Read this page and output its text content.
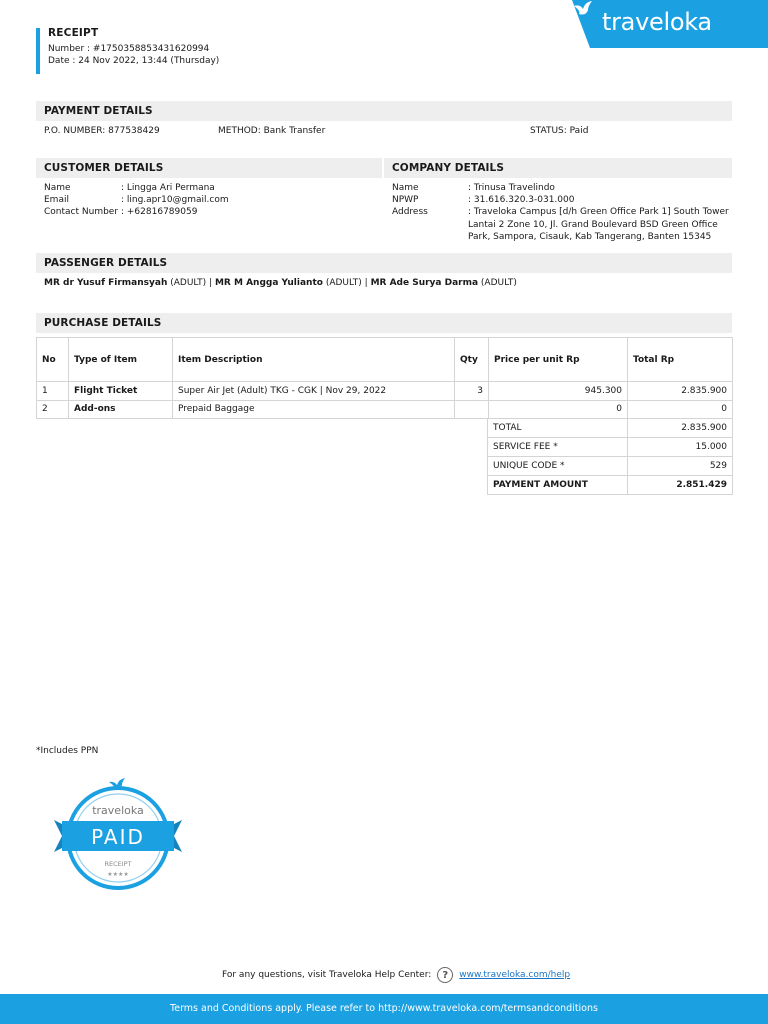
RECEIPT
Number : #1750358853431620994
Date : 24 Nov 2022, 13:44 (Thursday)
traveloka
PAYMENT DETAILS
P.O. NUMBER: 877538429	METHOD: Bank Transfer	STATUS: Paid
CUSTOMER DETAILS
Name	: Lingga Ari Permana
Email	: ling.apr10@gmail.com
Contact Number : +62816789059
COMPANY DETAILS
Name	: Trinusa Travelindo
NPWP	: 31.616.320.3-031.000
Address	: Traveloka Campus [d/h Green Office Park 1] South Tower Lantai 2 Zone 10, Jl. Grand Boulevard BSD Green Office Park, Sampora, Cisauk, Kab Tangerang, Banten 15345
PASSENGER DETAILS
MR dr Yusuf Firmansyah (ADULT) | MR M Angga Yulianto (ADULT) | MR Ade Surya Darma (ADULT)
PURCHASE DETAILS
No	Type of Item	Item Description	Qty	Price per unit Rp	Total Rp
1	Flight Ticket	Super Air Jet (Adult) TKG - CGK | Nov 29, 2022	3	945.300	2.835.900
2	Add-ons	Prepaid Baggage		0	0
TOTAL	2.835.900
SERVICE FEE *	15.000
UNIQUE CODE *	529
PAYMENT AMOUNT	2.851.429
*Includes PPN
traveloka
PAID
RECEIPT
★★★★
For any questions, visit Traveloka Help Center:	?	www.traveloka.com/help
Terms and Conditions apply. Please refer to http://www.traveloka.com/termsandconditions
